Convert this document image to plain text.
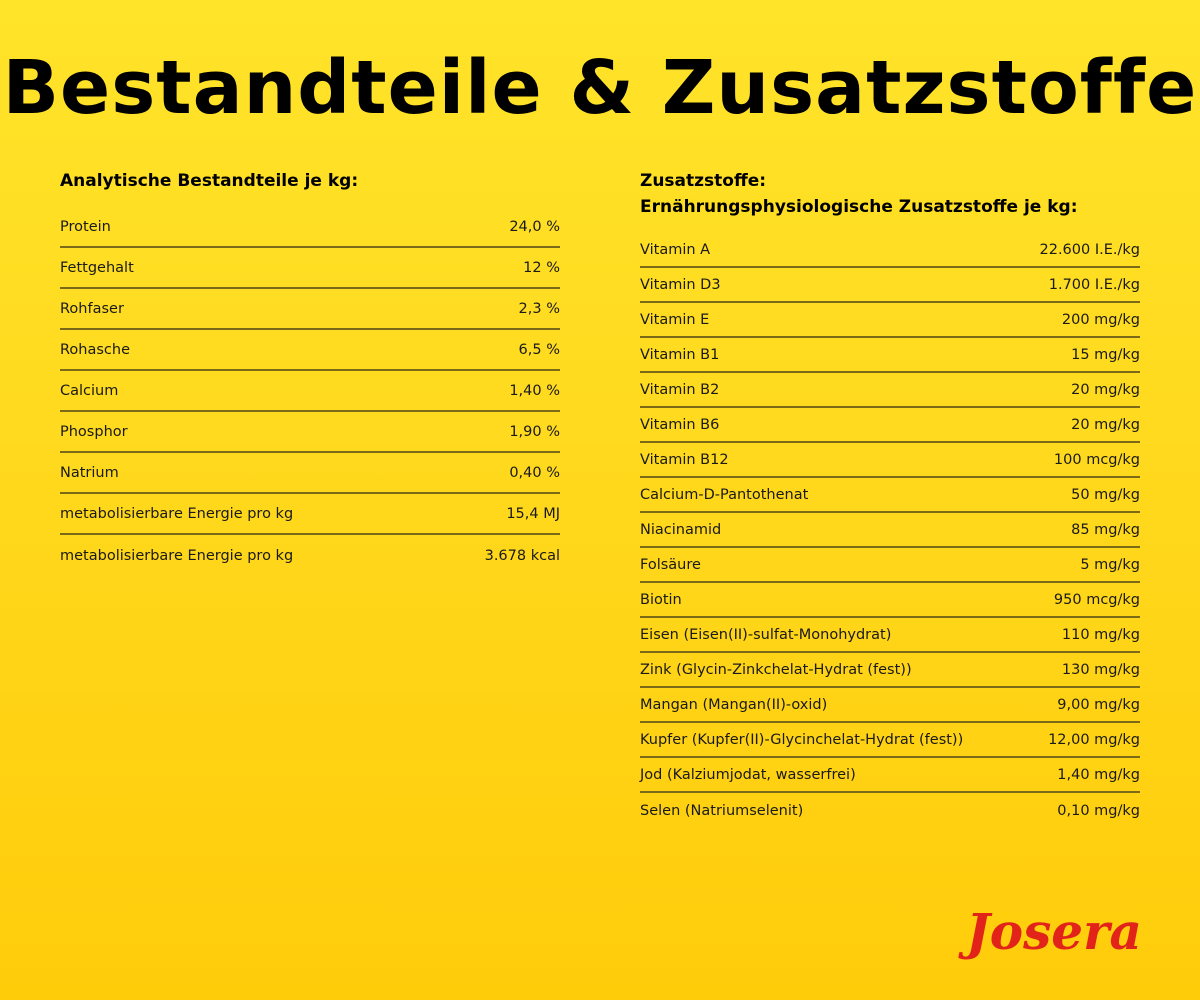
Bestandteile & Zusatzstoffe
Analytische Bestandteile je kg:
Protein	24,0 %
Fettgehalt	12 %
Rohfaser	2,3 %
Rohasche	6,5 %
Calcium	1,40 %
Phosphor	1,90 %
Natrium	0,40 %
metabolisierbare Energie pro kg	15,4 MJ
metabolisierbare Energie pro kg	3.678 kcal
Zusatzstoffe:
Ernährungsphysiologische Zusatzstoffe je kg:
Vitamin A	22.600 I.E./kg
Vitamin D3	1.700 I.E./kg
Vitamin E	200 mg/kg
Vitamin B1	15 mg/kg
Vitamin B2	20 mg/kg
Vitamin B6	20 mg/kg
Vitamin B12	100 mcg/kg
Calcium-D-Pantothenat	50 mg/kg
Niacinamid	85 mg/kg
Folsäure	5 mg/kg
Biotin	950 mcg/kg
Eisen (Eisen(II)-sulfat-Monohydrat)	110 mg/kg
Zink (Glycin-Zinkchelat-Hydrat (fest))	130 mg/kg
Mangan (Mangan(II)-oxid)	9,00 mg/kg
Kupfer (Kupfer(II)-Glycinchelat-Hydrat (fest))	12,00 mg/kg
Jod (Kalziumjodat, wasserfrei)	1,40 mg/kg
Selen (Natriumselenit)	0,10 mg/kg
Josera
